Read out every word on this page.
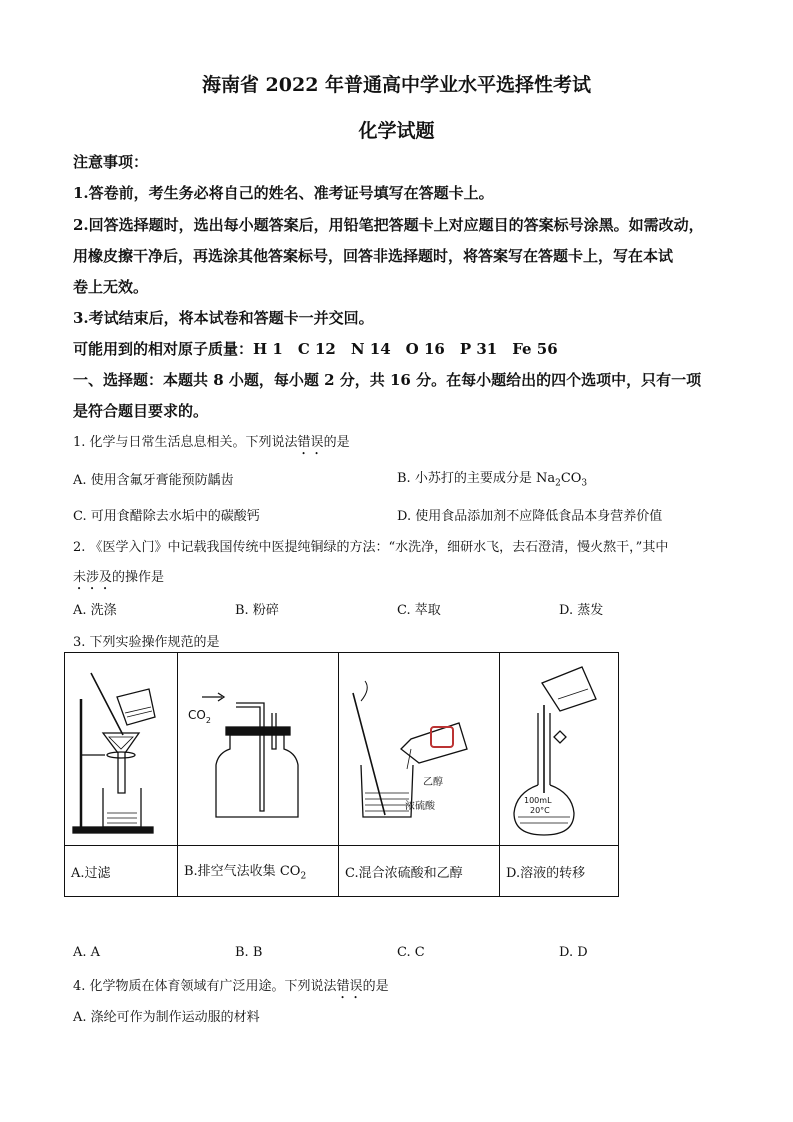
海南省 2022 年普通高中学业水平选择性考试
化学试题
注意事项：
1.答卷前，考生务必将自己的姓名、准考证号填写在答题卡上。
2.回答选择题时，选出每小题答案后，用铅笔把答题卡上对应题目的答案标号涂黑。如需改动，
用橡皮擦干净后，再选涂其他答案标号，回答非选择题时，将答案写在答题卡上，写在本试
卷上无效。
3.考试结束后，将本试卷和答题卡一并交回。
可能用到的相对原子质量：H 1　C 12　N 14　O 16　P 31　Fe 56
一、选择题：本题共 8 小题，每小题 2 分，共 16 分。在每小题给出的四个选项中，只有一项
是符合题目要求的。
1. 化学与日常生活息息相关。下列说法错误的是
A. 使用含氟牙膏能预防龋齿	B. 小苏打的主要成分是 $Na_2CO_3$
C. 可用食醋除去水垢中的碳酸钙	D. 使用食品添加剂不应降低食品本身营养价值
2. 《医学入门》中记载我国传统中医提纯铜绿的方法：“水洗净，细研水飞，去石澄清，慢火熬干，”其中
未涉及的操作是
A. 洗涤	B. 粉碎	C. 萃取	D. 蒸发
3. 下列实验操作规范的是

$CO_2$	乙醇
浓硫酸	100mL
20°C

A.过滤	B.排空气法收集 $CO_2$	C.混合浓硫酸和乙醇	D.溶液的转移
A. A	B. B	C. C	D. D
4. 化学物质在体育领域有广泛用途。下列说法错误的是
A. 涤纶可作为制作运动服的材料
